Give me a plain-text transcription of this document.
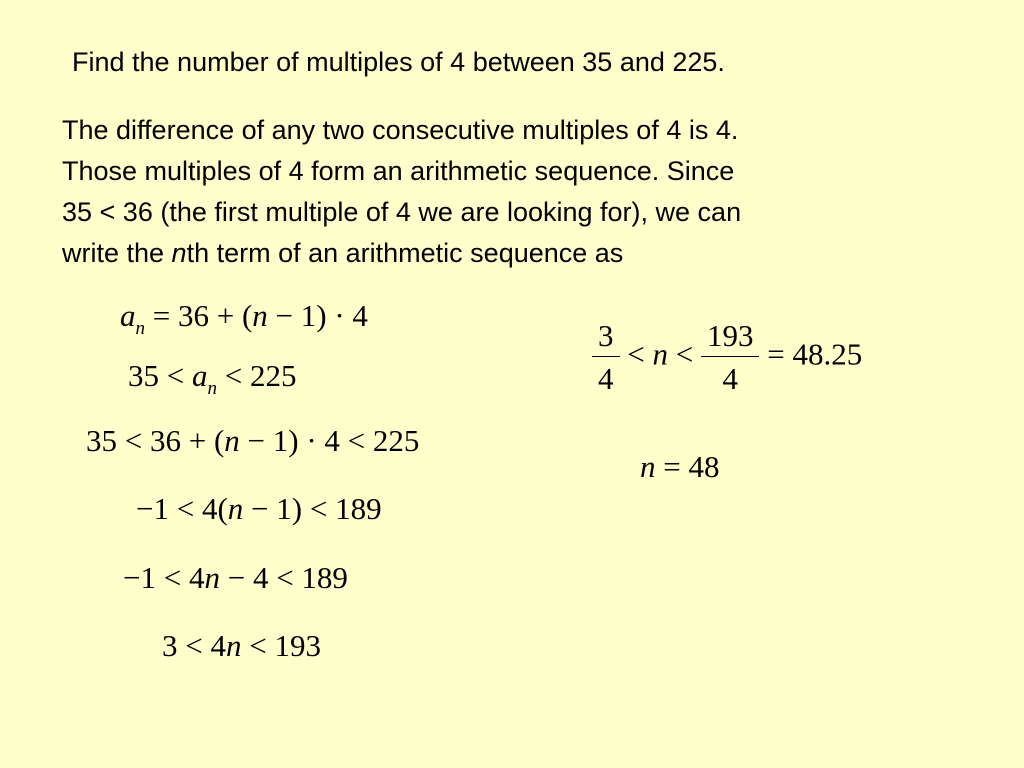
Find the number of multiples of 4 between 35 and 225.
The difference of any two consecutive multiples of 4 is 4.
Those multiples of 4 form an arithmetic sequence. Since
35 < 36 (the first multiple of 4 we are looking for), we can
write the nth term of an arithmetic sequence as
$a_n = 36 + (n - 1) \cdot 4$
$35 < a_n < 225$
35 < 36 + (n − 1) · 4 < 225
−1 < 4(n − 1) < 189
−1 < 4n − 4 < 189
3 < 4n < 193
$\frac{3}{4} < n < \frac{193}{4} = 48.25$
n = 48
